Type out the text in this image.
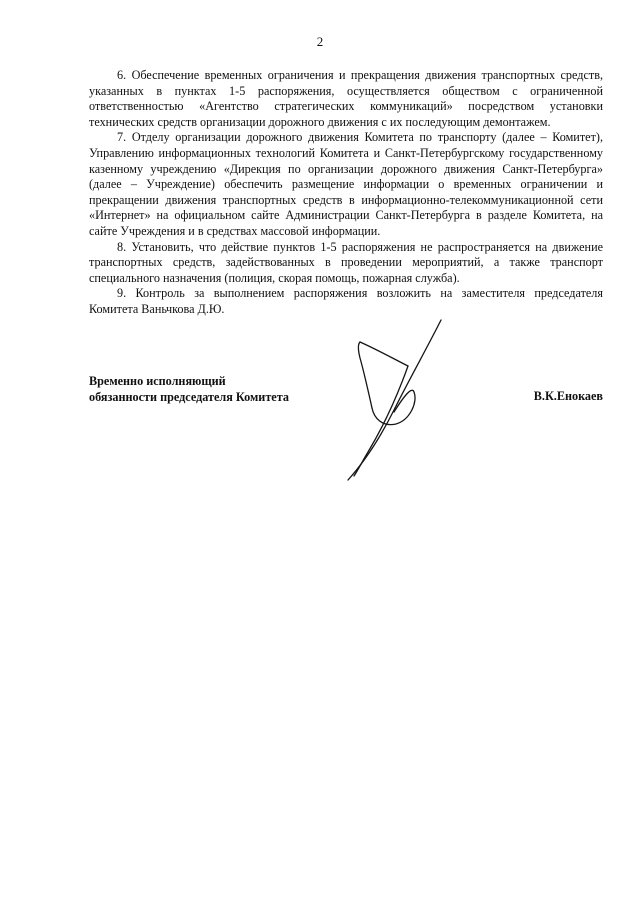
2

6. Обеспечение временных ограничения и прекращения движения транспортных средств, указанных в пунктах 1-5 распоряжения, осуществляется обществом с ограниченной ответственностью «Агентство стратегических коммуникаций» посредством установки технических средств организации дорожного движения с их последующим демонтажем.

7. Отделу организации дорожного движения Комитета по транспорту (далее – Комитет), Управлению информационных технологий Комитета и Санкт-Петербургскому государственному казенному учреждению «Дирекция по организации дорожного движения Санкт-Петербурга» (далее – Учреждение) обеспечить размещение информации о временных ограничении и прекращении движения транспортных средств в информационно-телекоммуникационной сети «Интернет» на официальном сайте Администрации Санкт-Петербурга в разделе Комитета, на сайте Учреждения и в средствах массовой информации.

8. Установить, что действие пунктов 1-5 распоряжения не распространяется на движение транспортных средств, задействованных в проведении мероприятий, а также транспорт специального назначения (полиция, скорая помощь, пожарная служба).

9. Контроль за выполнением распоряжения возложить на заместителя председателя Комитета Ваньчкова Д.Ю.

Временно исполняющий
обязанности председателя Комитета	В.К.Енокаев
